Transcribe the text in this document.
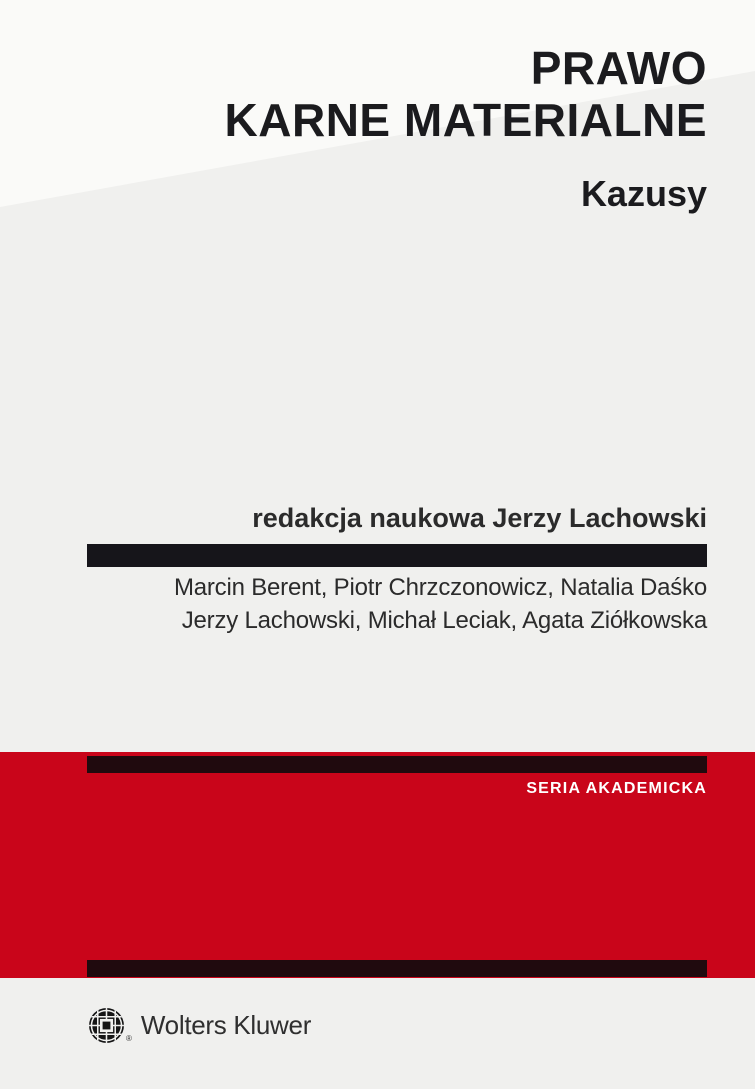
PRAWO
KARNE MATERIALNE
Kazusy
redakcja naukowa Jerzy Lachowski
Marcin Berent, Piotr Chrzczonowicz, Natalia Daśko
Jerzy Lachowski, Michał Leciak, Agata Ziółkowska
SERIA AKADEMICKA
® Wolters Kluwer
